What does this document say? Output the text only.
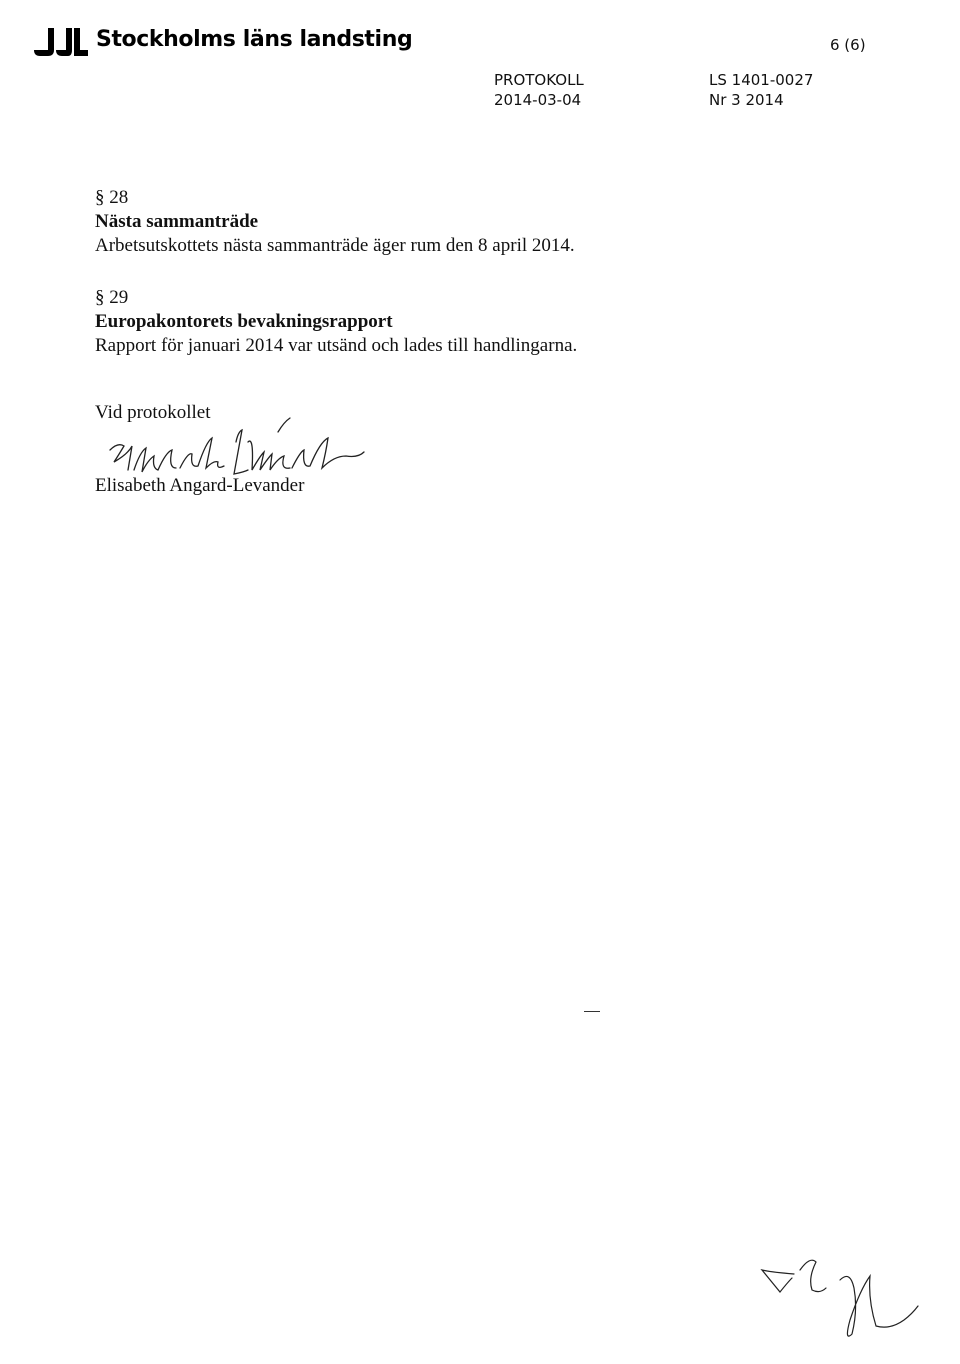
Stockholms läns landsting	6 (6)
PROTOKOLL
2014-03-04
LS 1401-0027
Nr 3 2014
§ 28
Nästa sammanträde
Arbetsutskottets nästa sammanträde äger rum den 8 april 2014.
§ 29
Europakontorets bevakningsrapport
Rapport för januari 2014 var utsänd och lades till handlingarna.
Vid protokollet
Elisabeth Angard-Levander
